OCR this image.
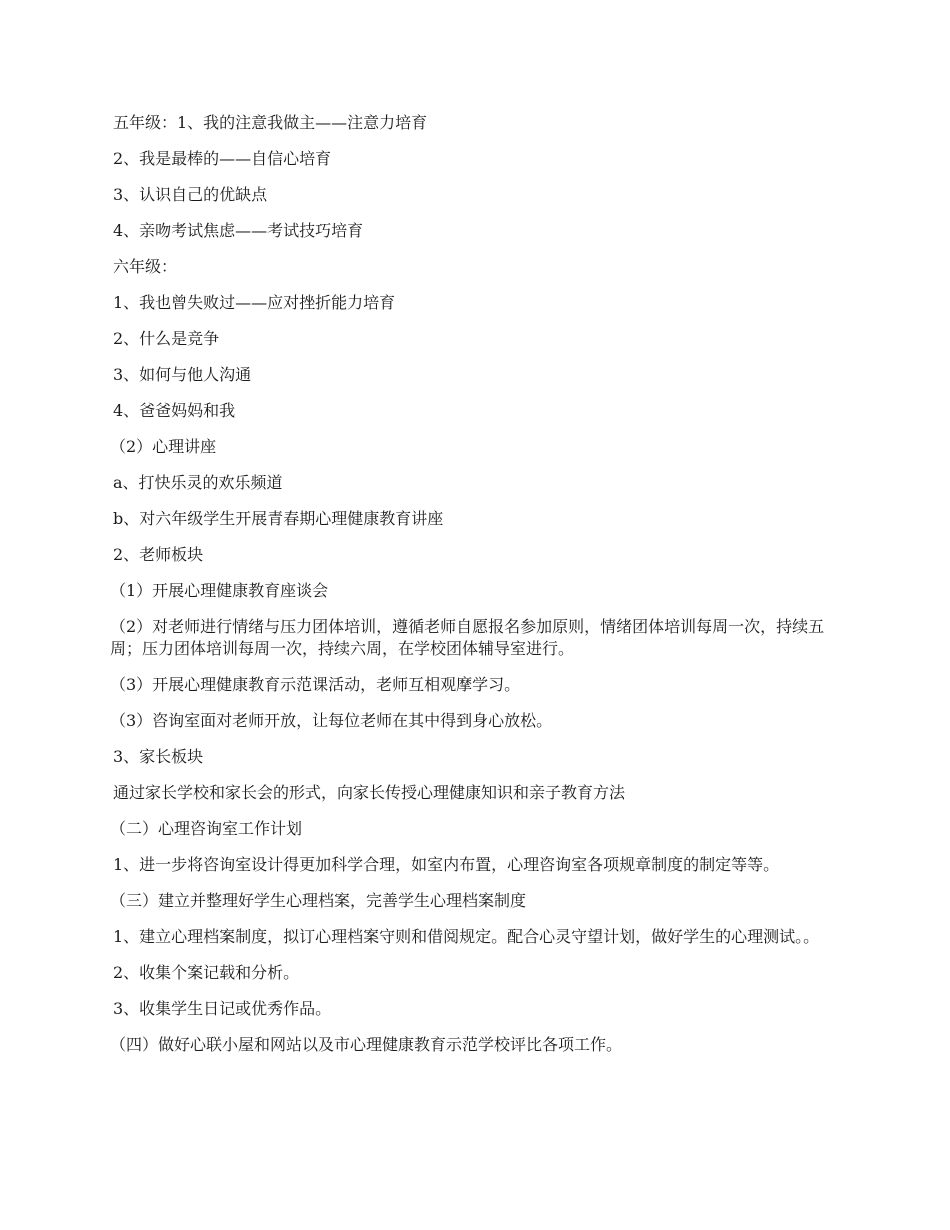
五年级：1、我的注意我做主——注意力培育

2、我是最棒的——自信心培育

3、认识自己的优缺点

4、亲吻考试焦虑——考试技巧培育

六年级：

1、我也曾失败过——应对挫折能力培育

2、什么是竞争

3、如何与他人沟通

4、爸爸妈妈和我

（2）心理讲座

a、打快乐灵的欢乐频道

b、对六年级学生开展青春期心理健康教育讲座

2、老师板块

（1）开展心理健康教育座谈会

（2）对老师进行情绪与压力团体培训，遵循老师自愿报名参加原则，情绪团体培训每周一次，持续五周；压力团体培训每周一次，持续六周，在学校团体辅导室进行。

（3）开展心理健康教育示范课活动，老师互相观摩学习。

（3）咨询室面对老师开放，让每位老师在其中得到身心放松。

3、家长板块

通过家长学校和家长会的形式，向家长传授心理健康知识和亲子教育方法

（二）心理咨询室工作计划

1、进一步将咨询室设计得更加科学合理，如室内布置，心理咨询室各项规章制度的制定等等。

（三）建立并整理好学生心理档案，完善学生心理档案制度

1、建立心理档案制度，拟订心理档案守则和借阅规定。配合心灵守望计划，做好学生的心理测试。。

2、收集个案记载和分析。

3、收集学生日记或优秀作品。

（四）做好心联小屋和网站以及市心理健康教育示范学校评比各项工作。
